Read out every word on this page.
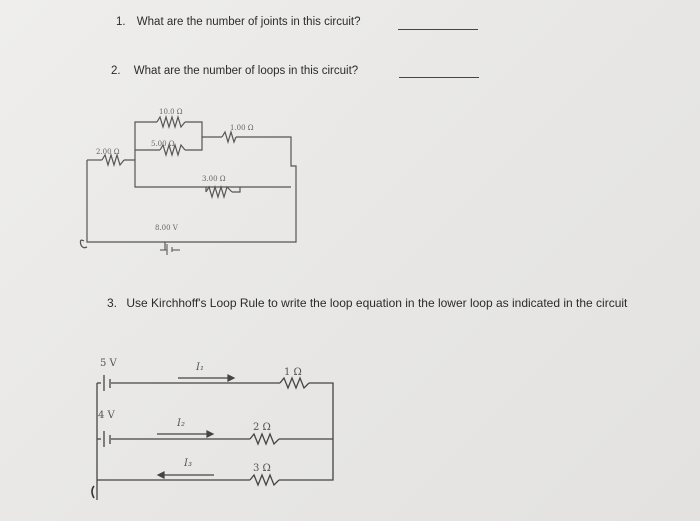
1. What are the number of joints in this circuit?
2. What are the number of loops in this circuit?
3. Use Kirchhoff's Loop Rule to write the loop equation in the lower loop as indicated in the circuit
10.0 Ω
5.00 Ω
1.00 Ω
2.00 Ω
3.00 Ω
8.00 V
5 V
4 V
I₁
I₂
I₃
1 Ω
2 Ω
3 Ω
